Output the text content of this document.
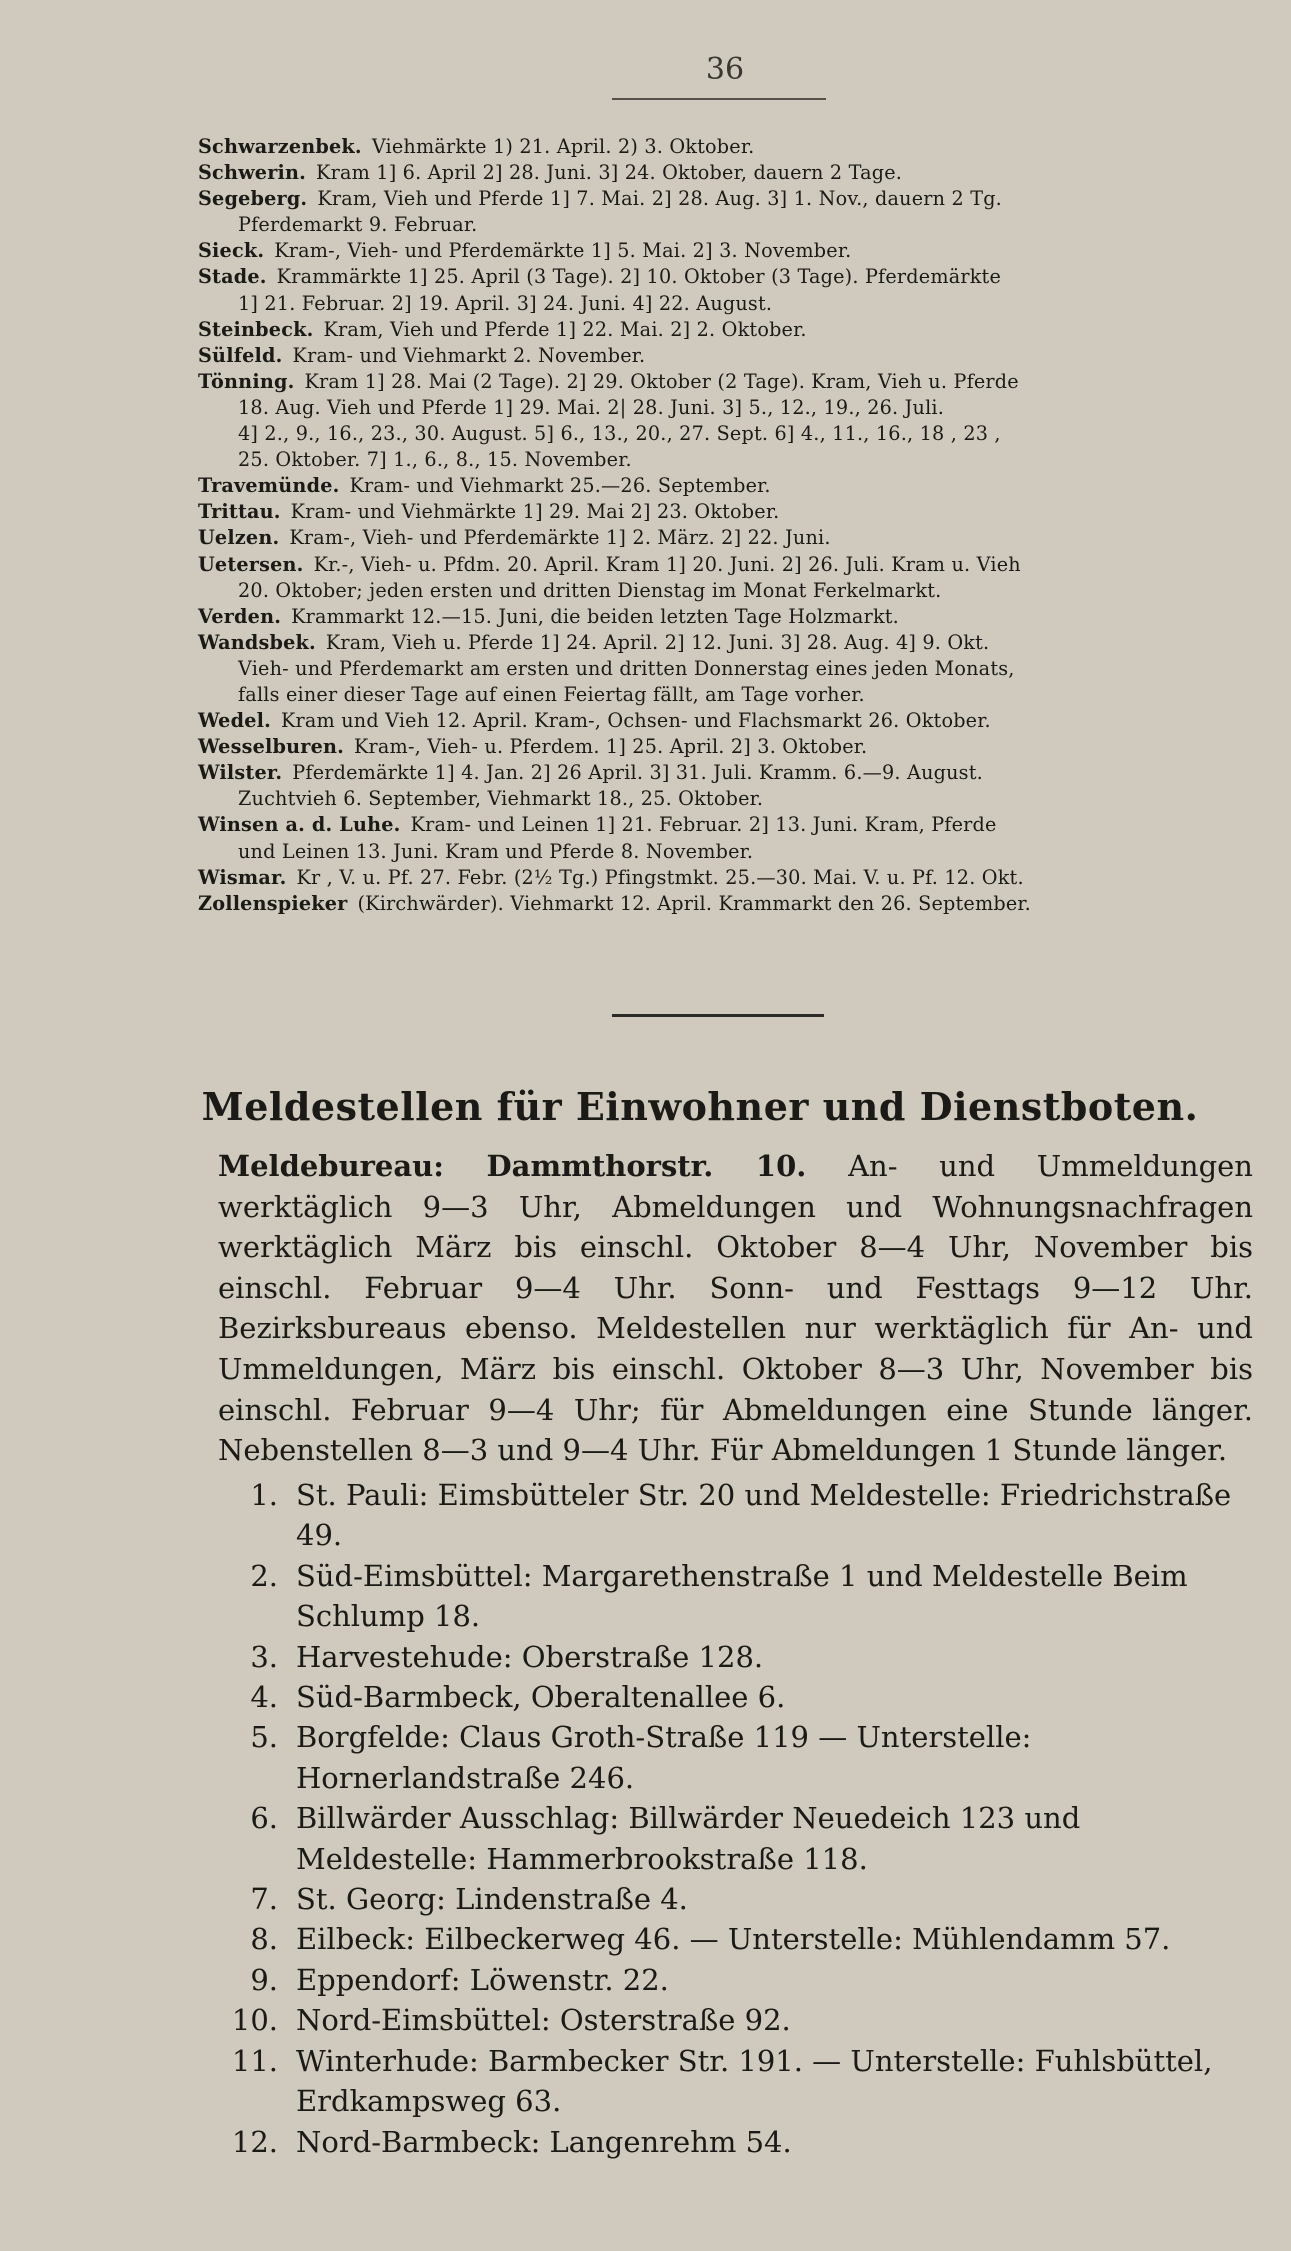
36
Schwarzenbek. Viehmärkte 1) 21. April. 2) 3. Oktober.
Schwerin. Kram 1] 6. April 2] 28. Juni. 3] 24. Oktober, dauern 2 Tage.
Segeberg. Kram, Vieh und Pferde 1] 7. Mai. 2] 28. Aug. 3] 1. Nov., dauern 2 Tg.
Pferdemarkt 9. Februar.
Sieck. Kram-, Vieh- und Pferdemärkte 1] 5. Mai. 2] 3. November.
Stade. Krammärkte 1] 25. April (3 Tage). 2] 10. Oktober (3 Tage). Pferdemärkte
1] 21. Februar. 2] 19. April. 3] 24. Juni. 4] 22. August.
Steinbeck. Kram, Vieh und Pferde 1] 22. Mai. 2] 2. Oktober.
Sülfeld. Kram- und Viehmarkt 2. November.
Tönning. Kram 1] 28. Mai (2 Tage). 2] 29. Oktober (2 Tage). Kram, Vieh u. Pferde
18. Aug. Vieh und Pferde 1] 29. Mai. 2| 28. Juni. 3] 5., 12., 19., 26. Juli.
4] 2., 9., 16., 23., 30. August. 5] 6., 13., 20., 27. Sept. 6] 4., 11., 16., 18 , 23 ,
25. Oktober. 7] 1., 6., 8., 15. November.
Travemünde. Kram- und Viehmarkt 25.—26. September.
Trittau. Kram- und Viehmärkte 1] 29. Mai 2] 23. Oktober.
Uelzen. Kram-, Vieh- und Pferdemärkte 1] 2. März. 2] 22. Juni.
Uetersen. Kr.-, Vieh- u. Pfdm. 20. April. Kram 1] 20. Juni. 2] 26. Juli. Kram u. Vieh
20. Oktober; jeden ersten und dritten Dienstag im Monat Ferkelmarkt.
Verden. Krammarkt 12.—15. Juni, die beiden letzten Tage Holzmarkt.
Wandsbek. Kram, Vieh u. Pferde 1] 24. April. 2] 12. Juni. 3] 28. Aug. 4] 9. Okt.
Vieh- und Pferdemarkt am ersten und dritten Donnerstag eines jeden Monats,
falls einer dieser Tage auf einen Feiertag fällt, am Tage vorher.
Wedel. Kram und Vieh 12. April. Kram-, Ochsen- und Flachsmarkt 26. Oktober.
Wesselburen. Kram-, Vieh- u. Pferdem. 1] 25. April. 2] 3. Oktober.
Wilster. Pferdemärkte 1] 4. Jan. 2] 26 April. 3] 31. Juli. Kramm. 6.—9. August.
Zuchtvieh 6. September, Viehmarkt 18., 25. Oktober.
Winsen a. d. Luhe. Kram- und Leinen 1] 21. Februar. 2] 13. Juni. Kram, Pferde
und Leinen 13. Juni. Kram und Pferde 8. November.
Wismar. Kr , V. u. Pf. 27. Febr. (2½ Tg.) Pfingstmkt. 25.—30. Mai. V. u. Pf. 12. Okt.
Zollenspieker (Kirchwärder). Viehmarkt 12. April. Krammarkt den 26. September.
Meldestellen für Einwohner und Dienstboten.
Meldebureau: Dammthorstr. 10. An- und Ummeldungen werktäglich 9—3 Uhr, Abmeldungen und Wohnungsnachfragen werktäglich März bis einschl. Oktober 8—4 Uhr, November bis einschl. Februar 9—4 Uhr. Sonn- und Festtags 9—12 Uhr. Bezirksbureaus ebenso. Meldestellen nur werktäglich für An- und Ummeldungen, März bis einschl. Oktober 8—3 Uhr, November bis einschl. Februar 9—4 Uhr; für Abmeldungen eine Stunde länger. Nebenstellen 8—3 und 9—4 Uhr. Für Abmeldungen 1 Stunde länger.
1. St. Pauli: Eimsbütteler Str. 20 und Meldestelle: Friedrichstraße 49.
2. Süd-Eimsbüttel: Margarethenstraße 1 und Meldestelle Beim Schlump 18.
3. Harvestehude: Oberstraße 128.
4. Süd-Barmbeck, Oberaltenallee 6.
5. Borgfelde: Claus Groth-Straße 119 — Unterstelle: Hornerlandstraße 246.
6. Billwärder Ausschlag: Billwärder Neuedeich 123 und Meldestelle: Hammerbrookstraße 118.
7. St. Georg: Lindenstraße 4.
8. Eilbeck: Eilbeckerweg 46. — Unterstelle: Mühlendamm 57.
9. Eppendorf: Löwenstr. 22.
10. Nord-Eimsbüttel: Osterstraße 92.
11. Winterhude: Barmbecker Str. 191. — Unterstelle: Fuhlsbüttel, Erdkampsweg 63.
12. Nord-Barmbeck: Langenrehm 54.
